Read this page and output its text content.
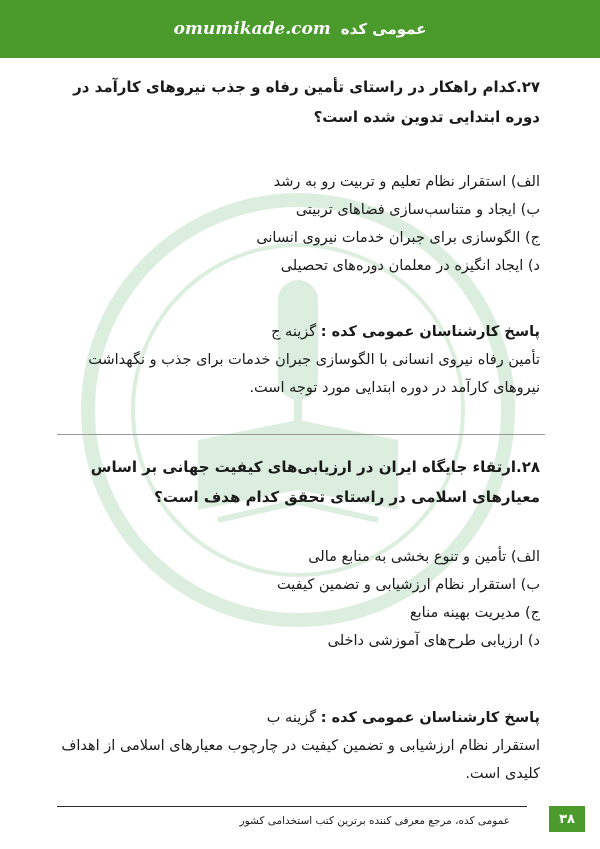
omumikade.com عمومی کده
۲۷.کدام راهکار در راستای تأمین رفاه و جذب نیروهای کارآمد در دوره ابتدایی تدوین شده است؟
الف) استقرار نظام تعلیم و تربیت رو به رشد
ب) ایجاد و متناسب‌سازی فضاهای تربیتی
ج) الگوسازی برای جبران خدمات نیروی انسانی
د) ایجاد انگیزه در معلمان دوره‌های تحصیلی
پاسخ کارشناسان عمومی کده : گزینه ج
تأمین رفاه نیروی انسانی با الگوسازی جبران خدمات برای جذب و نگهداشت نیروهای کارآمد در دوره ابتدایی مورد توجه است.
۲۸.ارتقاء جایگاه ایران در ارزیابی‌های کیفیت جهانی بر اساس معیارهای اسلامی در راستای تحقق کدام هدف است؟
الف) تأمین و تنوع بخشی به منابع مالی
ب) استقرار نظام ارزشیابی و تضمین کیفیت
ج) مدیریت بهینه منابع
د) ارزیابی طرح‌های آموزشی داخلی
پاسخ کارشناسان عمومی کده : گزینه ب
استقرار نظام ارزشیابی و تضمین کیفیت در چارچوب معیارهای اسلامی از اهداف کلیدی است.
عمومی کده، مرجع معرفی کننده برترین کتب استخدامی کشور	۳۸
